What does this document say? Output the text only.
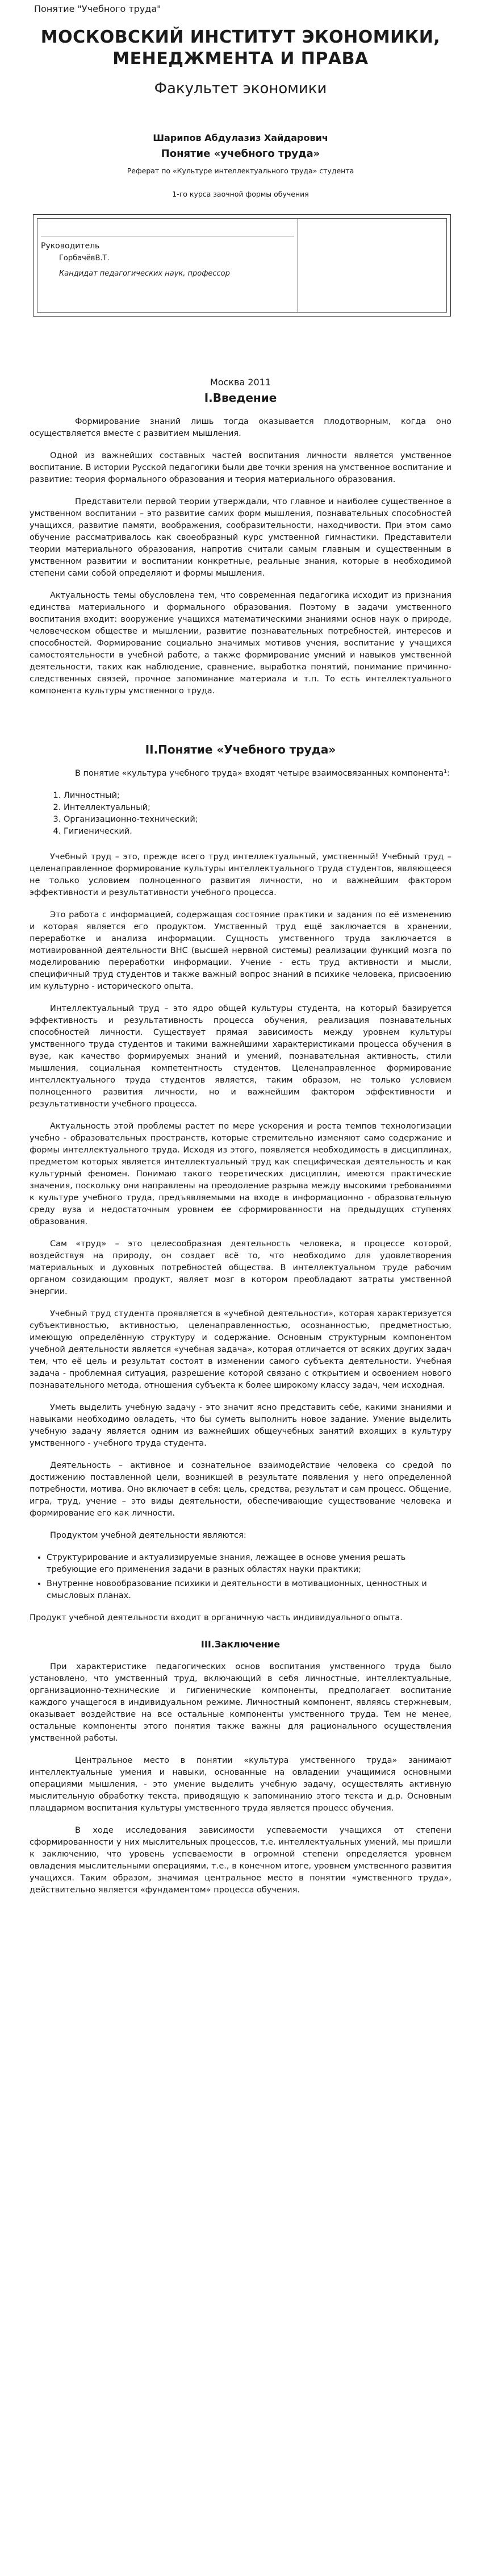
Понятие "Учебного труда"
МОСКОВСКИЙ ИНСТИТУТ ЭКОНОМИКИ, МЕНЕДЖМЕНТА И ПРАВА
Факультет экономики
Шарипов Абдулазиз Хайдарович
Понятие «учебного труда»
Реферат по «Культуре интеллектуального труда» студента
1-го курса заочной формы обучения
Руководитель
ГорбачёвВ.Т.
Кандидат педагогических наук, профессор
Москва 2011
I.Введение

Формирование знаний лишь тогда оказывается плодотворным, когда оно осуществляется вместе с развитием мышления.

Одной из важнейших составных частей воспитания личности является умственное воспитание. В истории Русской педагогики были две точки зрения на умственное воспитание и развитие: теория формального образования и теория материального образования.

Представители первой теории утверждали, что главное и наиболее существенное в умственном воспитании – это развитие самих форм мышления, познавательных способностей учащихся, развитие памяти, воображения, сообразительности, находчивости. При этом само обучение рассматривалось как своеобразный курс умственной гимнастики. Представители теории материального образования, напротив считали самым главным и существенным в умственном развитии и воспитании конкретные, реальные знания, которые в необходимой степени сами собой определяют и формы мышления.

Актуальность темы обусловлена тем, что современная педагогика исходит из признания единства материального и формального образования. Поэтому в задачи умственного воспитания входит: вооружение учащихся математическими знаниями основ наук о природе, человеческом обществе и мышлении, развитие познавательных потребностей, интересов и способностей. Формирование социально значимых мотивов учения, воспитание у учащихся самостоятельности в учебной работе, а также формирование умений и навыков умственной деятельности, таких как наблюдение, сравнение, выработка понятий, понимание причинно-следственных связей, прочное запоминание материала и т.п. То есть интеллектуального компонента культуры умственного труда.

II.Понятие «Учебного труда»

В понятие «культура учебного труда» входят четыре взаимосвязанных компонента¹:

1. Личностный;
2. Интеллектуальный;
3. Организационно-технический;
4. Гигиенический.

Учебный труд – это, прежде всего труд интеллектуальный, умственный! Учебный труд – целенаправленное формирование культуры интеллектуального труда студентов, являющееся не только условием полноценного развития личности, но и важнейшим фактором эффективности и результативности учебного процесса.

Это работа с информацией, содержащая состояние практики и задания по её изменению и которая является его продуктом. Умственный труд ещё заключается в хранении, переработке и анализа информации. Сущность умственного труда заключается в мотивированной деятельности ВНС (высшей нервной системы) реализации функций мозга по моделированию переработки информации. Учение - есть труд активности и мысли, специфичный труд студентов и также важный вопрос знаний в психике человека, присвоению им культурно - исторического опыта.

Интеллектуальный труд – это ядро общей культуры студента, на который базируется эффективность и результативность процесса обучения, реализация познавательных способностей личности. Существует прямая зависимость между уровнем культуры умственного труда студентов и такими важнейшими характеристиками процесса обучения в вузе, как качество формируемых знаний и умений, познавательная активность, стили мышления, социальная компетентность студентов. Целенаправленное формирование интеллектуального труда студентов является, таким образом, не только условием полноценного развития личности, но и важнейшим фактором эффективности и результативности учебного процесса.

Актуальность этой проблемы растет по мере ускорения и роста темпов технологизации учебно - образовательных пространств, которые стремительно изменяют само содержание и формы интеллектуального труда. Исходя из этого, появляется необходимость в дисциплинах, предметом которых является интеллектуальный труд как специфическая деятельность и как культурный феномен. Понимаю такого теоретических дисциплин, имеются практические значения, поскольку они направлены на преодоление разрыва между высокими требованиями к культуре учебного труда, предъявляемыми на входе в информационно - образовательную среду вуза и недостаточным уровнем ее сформированности на предыдущих ступенях образования.

Сам «труд» – это целесообразная деятельность человека, в процессе которой, воздействуя на природу, он создает всё то, что необходимо для удовлетворения материальных и духовных потребностей общества. В интеллектуальном труде рабочим органом созидающим продукт, являет мозг в котором преобладают затраты умственной энергии.

Учебный труд студента проявляется в «учебной деятельности», которая характеризуется субъективностью, активностью, целенаправленностью, осознанностью, предметностью, имеющую определённую структуру и содержание. Основным структурным компонентом учебной деятельности является «учебная задача», которая отличается от всяких других задач тем, что её цель и результат состоят в изменении самого субъекта деятельности. Учебная задача - проблемная ситуация, разрешение которой связано с открытием и освоением нового познавательного метода, отношения субъекта к более широкому классу задач, чем исходная.

Уметь выделить учебную задачу - это значит ясно представить себе, какими знаниями и навыками необходимо овладеть, что бы суметь выполнить новое задание. Умение выделить учебную задачу является одним из важнейших общеучебных занятий вхоящих в культуру умственного - учебного труда студента.

Деятельность – активное и сознательное взаимодействие человека со средой по достижению поставленной цели, возникшей в результате появления у него определенной потребности, мотива. Оно включает в себя: цель, средства, результат и сам процесс. Общение, игра, труд, учение – это виды деятельности, обеспечивающие существование человека и формирование его как личности.

Продуктом учебной деятельности являются:

• Структурирование и актуализируемые знания, лежащее в основе умения решать требующие его применения задачи в разных областях науки практики;
• Внутренне новообразование психики и деятельности в мотивационных, ценностных и смысловых планах.

Продукт учебной деятельности входит в органичную часть индивидуального опыта.

III.Заключение

При характеристике педагогических основ воспитания умственного труда было установлено, что умственный труд, включающий в себя личностные, интеллектуальные, организационно-технические и гигиенические компоненты, предполагает воспитание каждого учащегося в индивидуальном режиме. Личностный компонент, являясь стержневым, оказывает воздействие на все остальные компоненты умственного труда. Тем не менее, остальные компоненты этого понятия также важны для рационального осуществления умственной работы.

Центральное место в понятии «культура умственного труда» занимают интеллектуальные умения и навыки, основанные на овладении учащимися основными операциями мышления, - это умение выделить учебную задачу, осуществлять активную мыслительную обработку текста, приводящую к запоминанию этого текста и д.р. Основным плацдармом воспитания культуры умственного труда является процесс обучения.

В ходе исследования зависимости успеваемости учащихся от степени сформированности у них мыслительных процессов, т.е. интеллектуальных умений, мы пришли к заключению, что уровень успеваемости в огромной степени определяется уровнем овладения мыслительными операциями, т.е., в конечном итоге, уровнем умственного развития учащихся. Таким образом, значимая центральное место в понятии «умственного труда», действительно является «фундаментом» процесса обучения.
